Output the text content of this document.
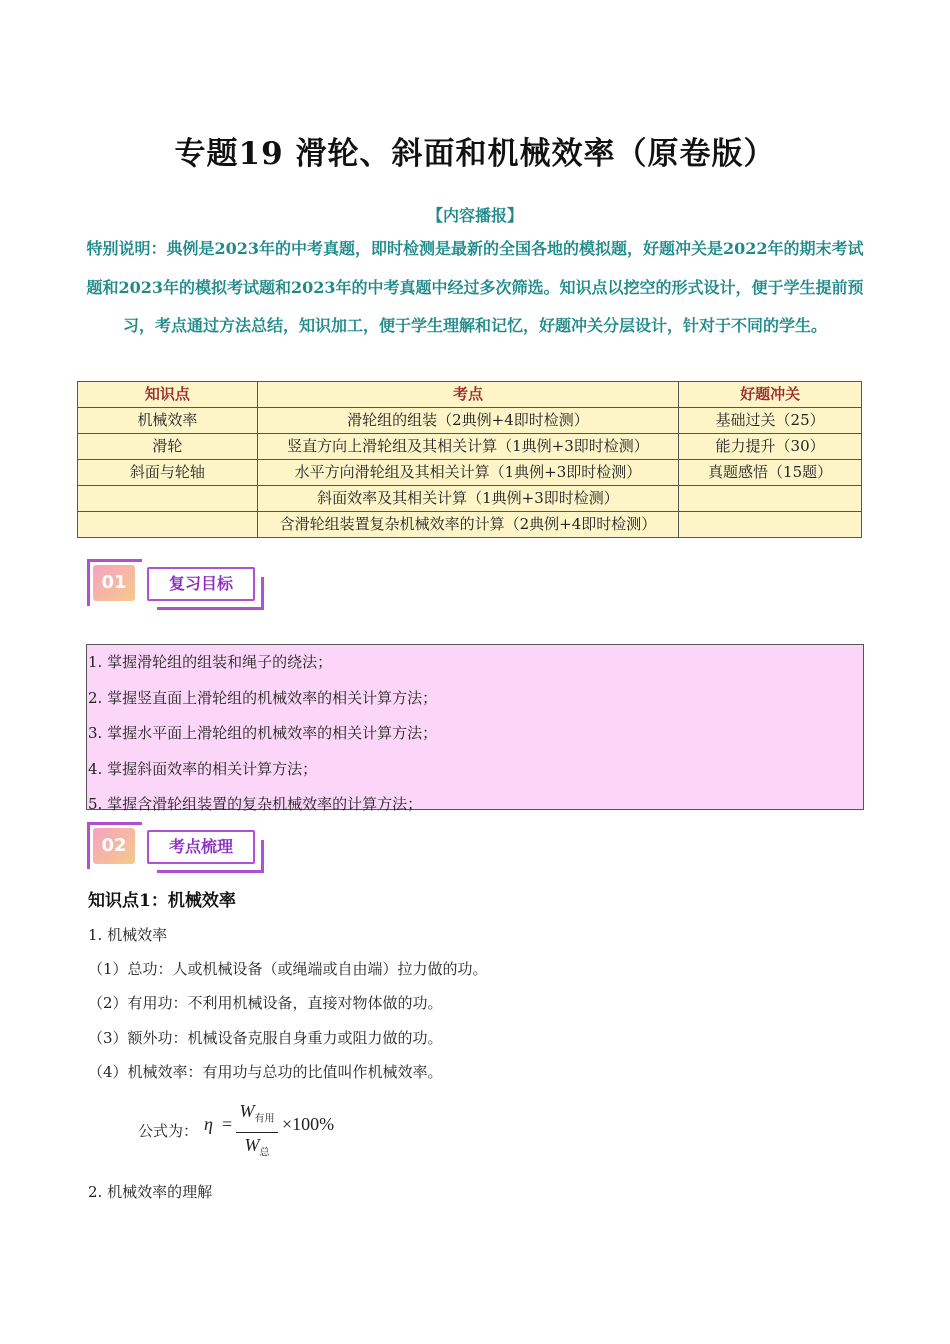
专题19 滑轮、斜面和机械效率（原卷版）
【内容播报】
特别说明：典例是2023年的中考真题，即时检测是最新的全国各地的模拟题，好题冲关是2022年的期末考试题和2023年的模拟考试题和2023年的中考真题中经过多次筛选。知识点以挖空的形式设计，便于学生提前预习，考点通过方法总结，知识加工，便于学生理解和记忆，好题冲关分层设计，针对于不同的学生。
知识点	考点	好题冲关
机械效率	滑轮组的组装（2典例+4即时检测）	基础过关（25）
滑轮	竖直方向上滑轮组及其相关计算（1典例+3即时检测）	能力提升（30）
斜面与轮轴	水平方向滑轮组及其相关计算（1典例+3即时检测）	真题感悟（15题）
	斜面效率及其相关计算（1典例+3即时检测）	
	含滑轮组装置复杂机械效率的计算（2典例+4即时检测）	
01	复习目标
1. 掌握滑轮组的组装和绳子的绕法；
2. 掌握竖直面上滑轮组的机械效率的相关计算方法；
3. 掌握水平面上滑轮组的机械效率的相关计算方法；
4. 掌握斜面效率的相关计算方法；
5. 掌握含滑轮组装置的复杂机械效率的计算方法；
02	考点梳理
知识点1：机械效率
1. 机械效率
（1）总功：人或机械设备（或绳端或自由端）拉力做的功。
（2）有用功：不利用机械设备，直接对物体做的功。
（3）额外功：机械设备克服自身重力或阻力做的功。
（4）机械效率：有用功与总功的比值叫作机械效率。
公式为： η =
$W_{有用}$
$W_总$
×100%
2. 机械效率的理解
